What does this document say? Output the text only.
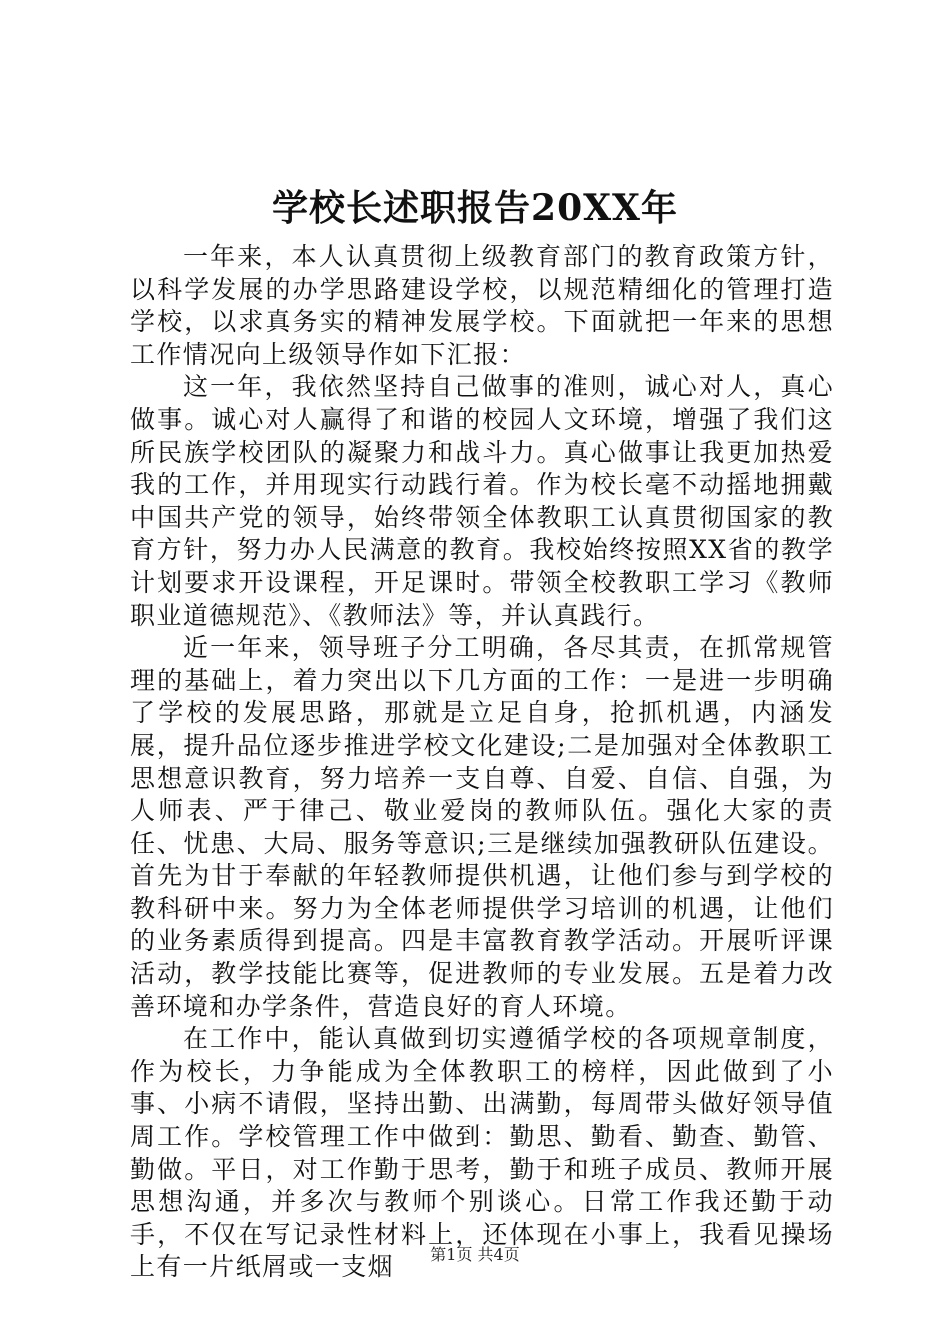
学校长述职报告20XX年

一年来，本人认真贯彻上级教育部门的教育政策方针，以科学发展的办学思路建设学校，以规范精细化的管理打造学校，以求真务实的精神发展学校。下面就把一年来的思想工作情况向上级领导作如下汇报：

这一年，我依然坚持自己做事的准则，诚心对人，真心做事。诚心对人赢得了和谐的校园人文环境，增强了我们这所民族学校团队的凝聚力和战斗力。真心做事让我更加热爱我的工作，并用现实行动践行着。作为校长毫不动摇地拥戴中国共产党的领导，始终带领全体教职工认真贯彻国家的教育方针，努力办人民满意的教育。我校始终按照XX省的教学计划要求开设课程，开足课时。带领全校教职工学习《教师职业道德规范》、《教师法》等，并认真践行。

近一年来，领导班子分工明确，各尽其责，在抓常规管理的基础上，着力突出以下几方面的工作：一是进一步明确了学校的发展思路，那就是立足自身，抢抓机遇，内涵发展，提升品位逐步推进学校文化建设;二是加强对全体教职工思想意识教育，努力培养一支自尊、自爱、自信、自强，为人师表、严于律己、敬业爱岗的教师队伍。强化大家的责任、忧患、大局、服务等意识;三是继续加强教研队伍建设。首先为甘于奉献的年轻教师提供机遇，让他们参与到学校的教科研中来。努力为全体老师提供学习培训的机遇，让他们的业务素质得到提高。四是丰富教育教学活动。开展听评课活动，教学技能比赛等，促进教师的专业发展。五是着力改善环境和办学条件，营造良好的育人环境。

在工作中，能认真做到切实遵循学校的各项规章制度，作为校长，力争能成为全体教职工的榜样，因此做到了小事、小病不请假，坚持出勤、出满勤，每周带头做好领导值周工作。学校管理工作中做到：勤思、勤看、勤查、勤管、勤做。平日，对工作勤于思考，勤于和班子成员、教师开展思想沟通，并多次与教师个别谈心。日常工作我还勤于动手，不仅在写记录性材料上，还体现在小事上，我看见操场上有一片纸屑或一支烟	第1页 共4页
